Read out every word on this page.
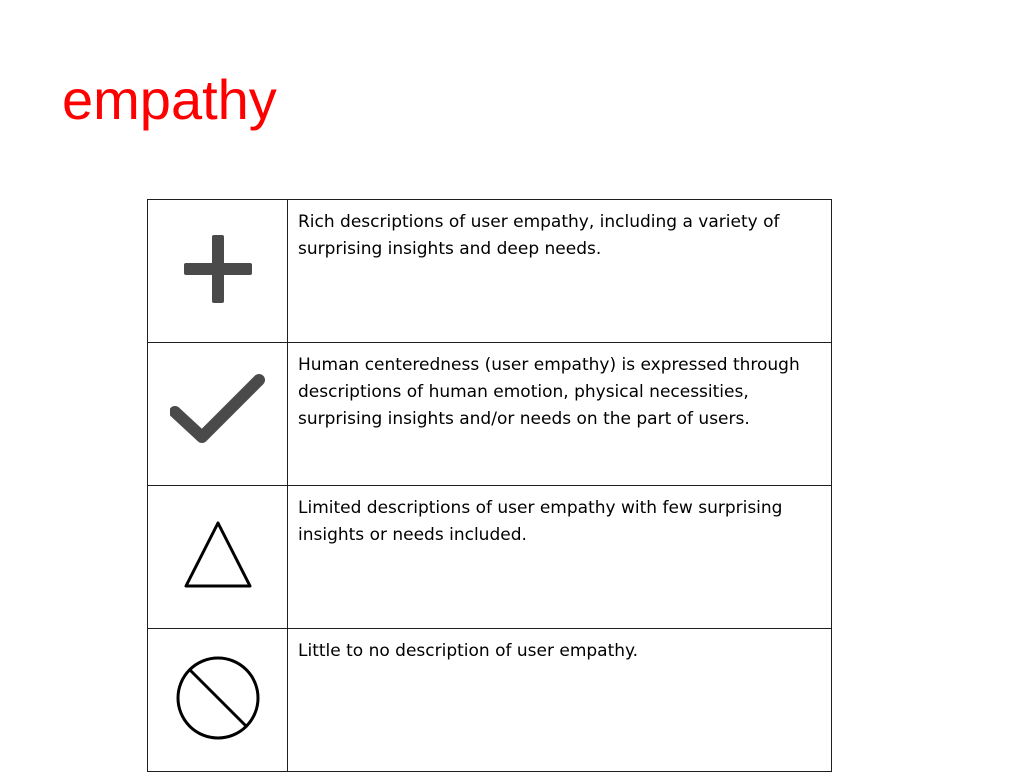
empathy
	Rich descriptions of user empathy, including a variety of surprising insights and deep needs.
	Human centeredness (user empathy) is expressed through descriptions of human emotion, physical necessities, surprising insights and/or needs on the part of users.
	Limited descriptions of user empathy with few surprising insights or needs included.
	Little to no description of user empathy.
